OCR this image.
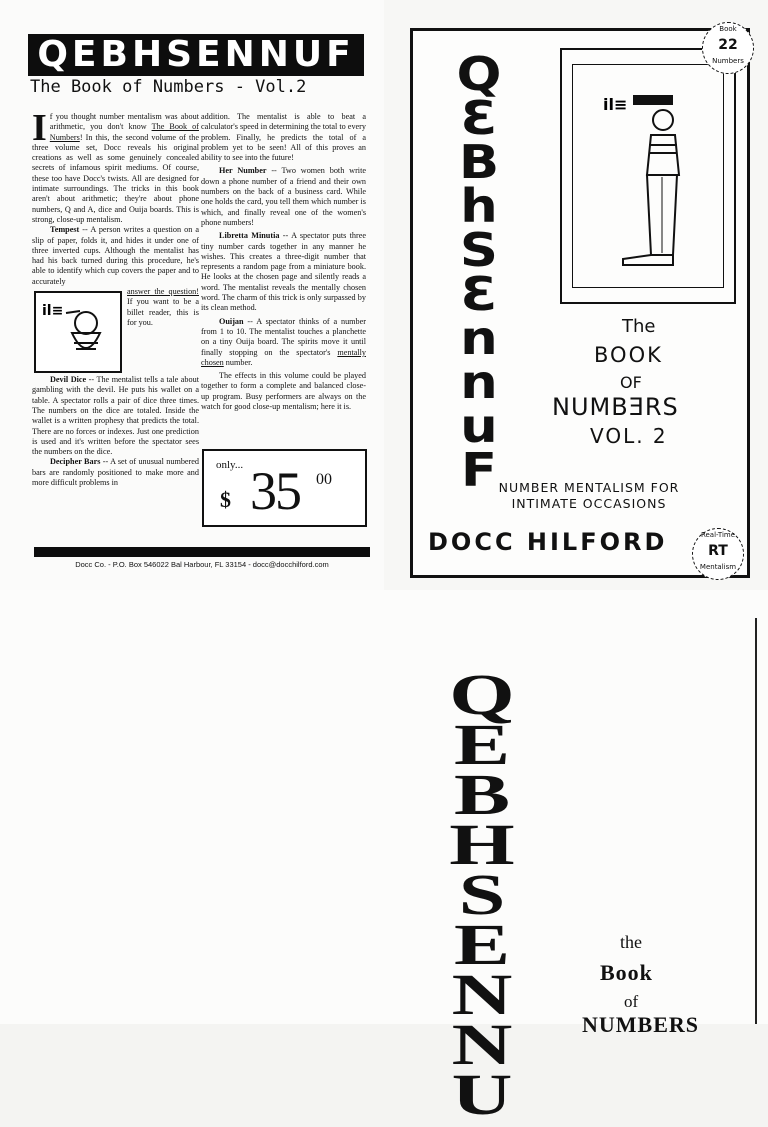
QEBHSENNUF
The Book of Numbers - Vol.2

I f you thought number mentalism was about arithmetic, you don't know The Book of Numbers! In this, the second volume of the three volume set, Docc reveals his original creations as well as some genuinely concealed secrets of infamous spirit mediums. Of course, these too have Docc's twists. All are designed for intimate surroundings. The tricks in this book aren't about arithmetic; they're about phone numbers, Q and A, dice and Ouija boards. This is strong, close-up mentalism.

Tempest -- A person writes a question on a slip of paper, folds it, and hides it under one of three inverted cups. Although the mentalist has had his back turned during this procedure, he's able to identify which cup covers the paper and to accurately

il≡
answer the question! If you want to be a billet reader, this is for you.

Devil Dice -- The mentalist tells a tale about gambling with the devil. He puts his wallet on a table. A spectator rolls a pair of dice three times. The numbers on the dice are totaled. Inside the wallet is a written prophesy that predicts the total. There are no forces or indexes. Just one prediction is used and it's written before the spectator sees the numbers on the dice.

Decipher Bars -- A set of unusual numbered bars are randomly positioned to make more and more difficult problems in

addition. The mentalist is able to beat a calculator's speed in determining the total to every problem. Finally, he predicts the total of a problem yet to be seen! All of this proves an ability to see into the future!

Her Number -- Two women both write down a phone number of a friend and their own numbers on the back of a business card. While one holds the card, you tell them which number is which, and finally reveal one of the women's phone numbers!

Libretta Minutia -- A spectator puts three tiny number cards together in any manner he wishes. This creates a three-digit number that represents a random page from a miniature book. He looks at the chosen page and silently reads a word. The mentalist reveals the mentally chosen word. The charm of this trick is only surpassed by its clean method.

Ouijan -- A spectator thinks of a number from 1 to 10. The mentalist touches a planchette on a tiny Ouija board. The spirits move it until finally stopping on the spectator's mentally chosen number.

The effects in this volume could be played together to form a complete and balanced close-up program. Busy performers are always on the watch for good close-up mentalism; here it is.

only...
$ 35 00
Docc Co. - P.O. Box 546022 Bal Harbour, FL 33154 - docc@docchilford.com
Q
Ɛ
B
h
S
Ɛ
n
n
u
F
il≡
The
BOOK
OF
NUMBƎRS
VOL. 2
NUMBER MENTALISM FOR
INTIMATE OCCASIONS
DOCC HILFORD
Book
22
Numbers
Real-Time
RT
Mentalism
Q
E
B
H
S
E
N
N
U
the
Book
of
NUMBERS
